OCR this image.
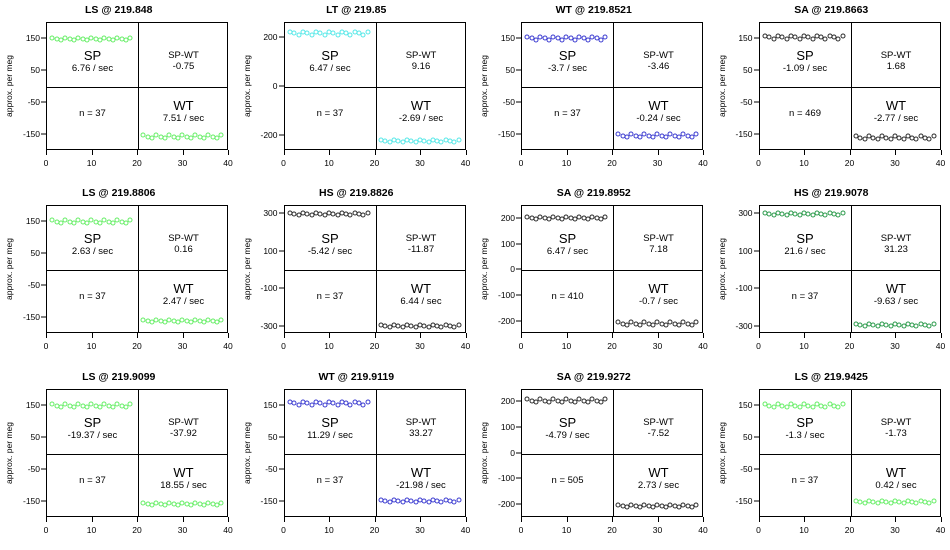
LS @ 219.848
approx. per meg
-150
-50
50
150
SP
6.76 / sec
SP-WT
-0.75
n = 37
WT
7.51 / sec
0	10	20	30	40
LT @ 219.85
approx. per meg
-200
0
200
SP
6.47 / sec
SP-WT
9.16
n = 37
WT
-2.69 / sec
0	10	20	30	40
WT @ 219.8521
approx. per meg
-150
-50
50
150
SP
-3.7 / sec
SP-WT
-3.46
n = 37
WT
-0.24 / sec
0	10	20	30	40
SA @ 219.8663
approx. per meg
-150
-50
50
150
SP
-1.09 / sec
SP-WT
1.68
n = 469
WT
-2.77 / sec
0	10	20	30	40
LS @ 219.8806
approx. per meg
-150
-50
50
150
SP
2.63 / sec
SP-WT
0.16
n = 37
WT
2.47 / sec
0	10	20	30	40
HS @ 219.8826
approx. per meg
-300
-100
100
300
SP
-5.42 / sec
SP-WT
-11.87
n = 37
WT
6.44 / sec
0	10	20	30	40
SA @ 219.8952
approx. per meg
-200
-100
0
100
200
SP
6.47 / sec
SP-WT
7.18
n = 410
WT
-0.7 / sec
0	10	20	30	40
HS @ 219.9078
approx. per meg
-300
-100
100
300
SP
21.6 / sec
SP-WT
31.23
n = 37
WT
-9.63 / sec
0	10	20	30	40
LS @ 219.9099
approx. per meg
-150
-50
50
150
SP
-19.37 / sec
SP-WT
-37.92
n = 37
WT
18.55 / sec
0	10	20	30	40
WT @ 219.9119
approx. per meg
-150
-50
50
150
SP
11.29 / sec
SP-WT
33.27
n = 37
WT
-21.98 / sec
0	10	20	30	40
SA @ 219.9272
approx. per meg
-200
-100
0
100
200
SP
-4.79 / sec
SP-WT
-7.52
n = 505
WT
2.73 / sec
0	10	20	30	40
LS @ 219.9425
approx. per meg
-150
-50
50
150
SP
-1.3 / sec
SP-WT
-1.73
n = 37
WT
0.42 / sec
0	10	20	30	40
